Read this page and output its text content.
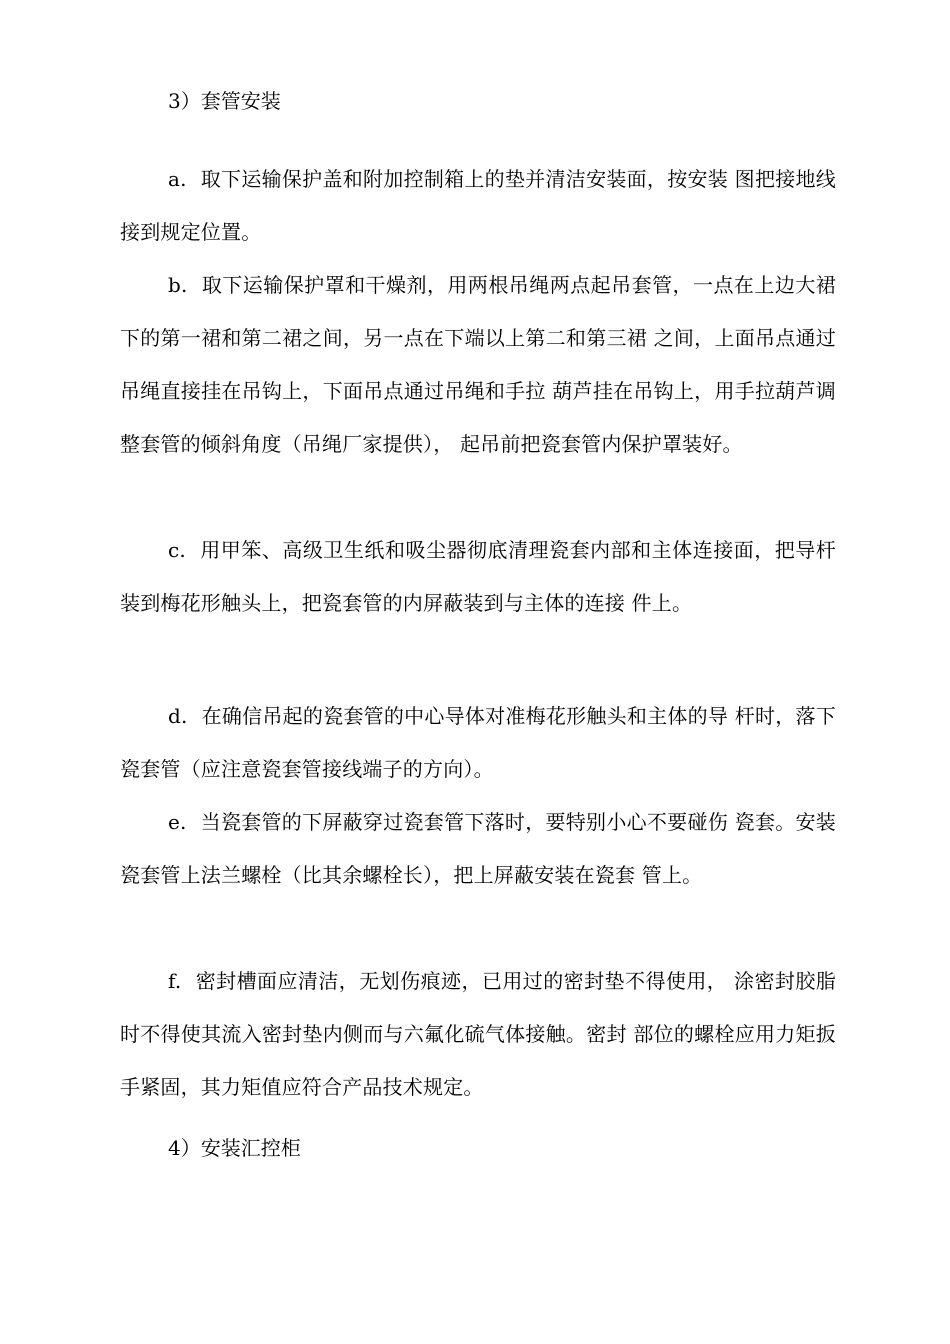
3）套管安装
a. 取下运输保护盖和附加控制箱上的垫并清洁安装面，按安装 图把接地线接到规定位置。
b. 取下运输保护罩和干燥剂，用两根吊绳两点起吊套管，一点在上边大裙下的第一裙和第二裙之间，另一点在下端以上第二和第三裙 之间，上面吊点通过吊绳直接挂在吊钩上，下面吊点通过吊绳和手拉 葫芦挂在吊钩上，用手拉葫芦调整套管的倾斜角度（吊绳厂家提供）， 起吊前把瓷套管内保护罩装好。
c. 用甲笨、高级卫生纸和吸尘器彻底清理瓷套内部和主体连接面，把导杆装到梅花形触头上，把瓷套管的内屏蔽装到与主体的连接 件上。
d. 在确信吊起的瓷套管的中心导体对准梅花形触头和主体的导 杆时，落下瓷套管（应注意瓷套管接线端子的方向）。
e. 当瓷套管的下屏蔽穿过瓷套管下落时，要特别小心不要碰伤 瓷套。安装瓷套管上法兰螺栓（比其余螺栓长），把上屏蔽安装在瓷套 管上。
f. 密封槽面应清洁，无划伤痕迹，已用过的密封垫不得使用， 涂密封胶脂时不得使其流入密封垫内侧而与六氟化硫气体接触。密封 部位的螺栓应用力矩扳手紧固，其力矩值应符合产品技术规定。
4）安装汇控柜
